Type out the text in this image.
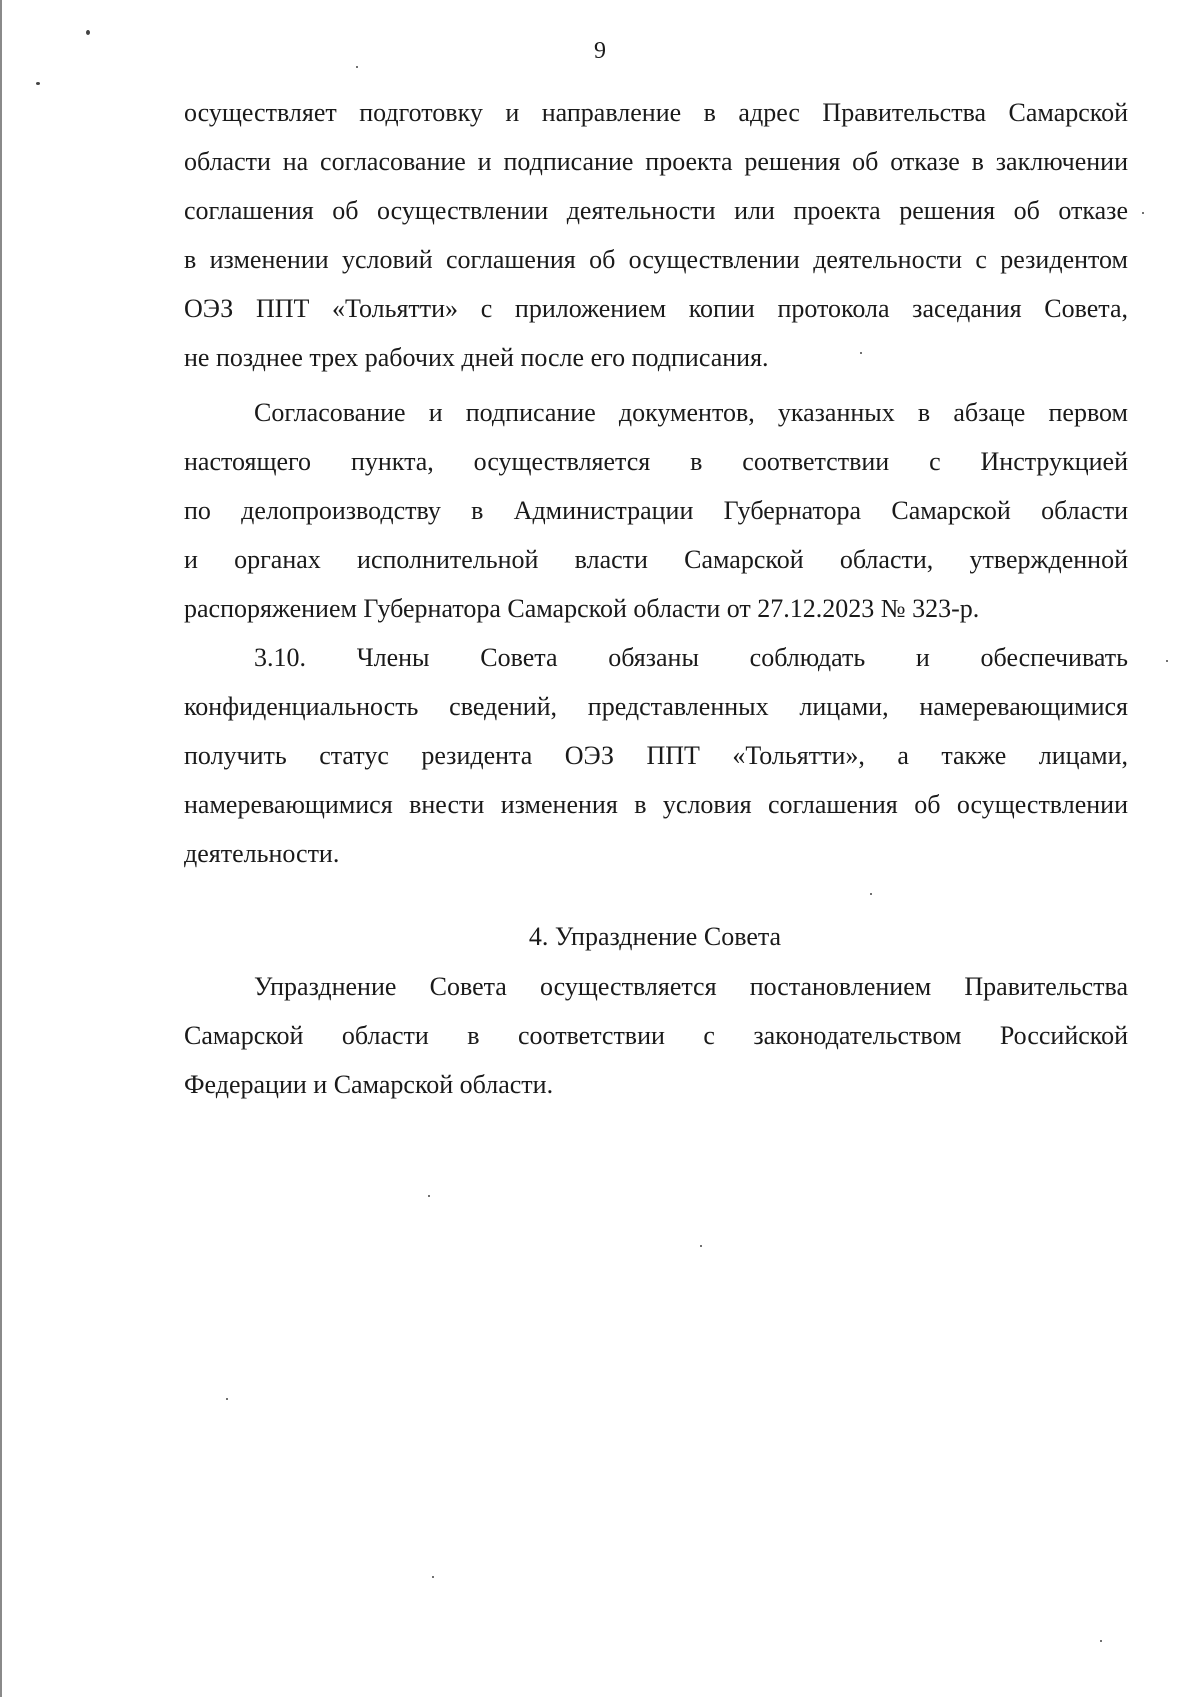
9
осуществляет подготовку и направление в адрес Правительства Самарской
области на согласование и подписание проекта решения об отказе в заключении
соглашения об осуществлении деятельности или проекта решения об отказе
в изменении условий соглашения об осуществлении деятельности с резидентом
ОЭЗ ППТ «Тольятти» с приложением копии протокола заседания Совета,
не позднее трех рабочих дней после его подписания.
Согласование и подписание документов, указанных в абзаце первом
настоящего пункта, осуществляется в соответствии с Инструкцией
по делопроизводству в Администрации Губернатора Самарской области
и органах исполнительной власти Самарской области, утвержденной
распоряжением Губернатора Самарской области от 27.12.2023 № 323-р.
3.10. Члены Совета обязаны соблюдать и обеспечивать
конфиденциальность сведений, представленных лицами, намеревающимися
получить статус резидента ОЭЗ ППТ «Тольятти», а также лицами,
намеревающимися внести изменения в условия соглашения об осуществлении
деятельности.
4. Упразднение Совета
Упразднение Совета осуществляется постановлением Правительства
Самарской области в соответствии с законодательством Российской
Федерации и Самарской области.
